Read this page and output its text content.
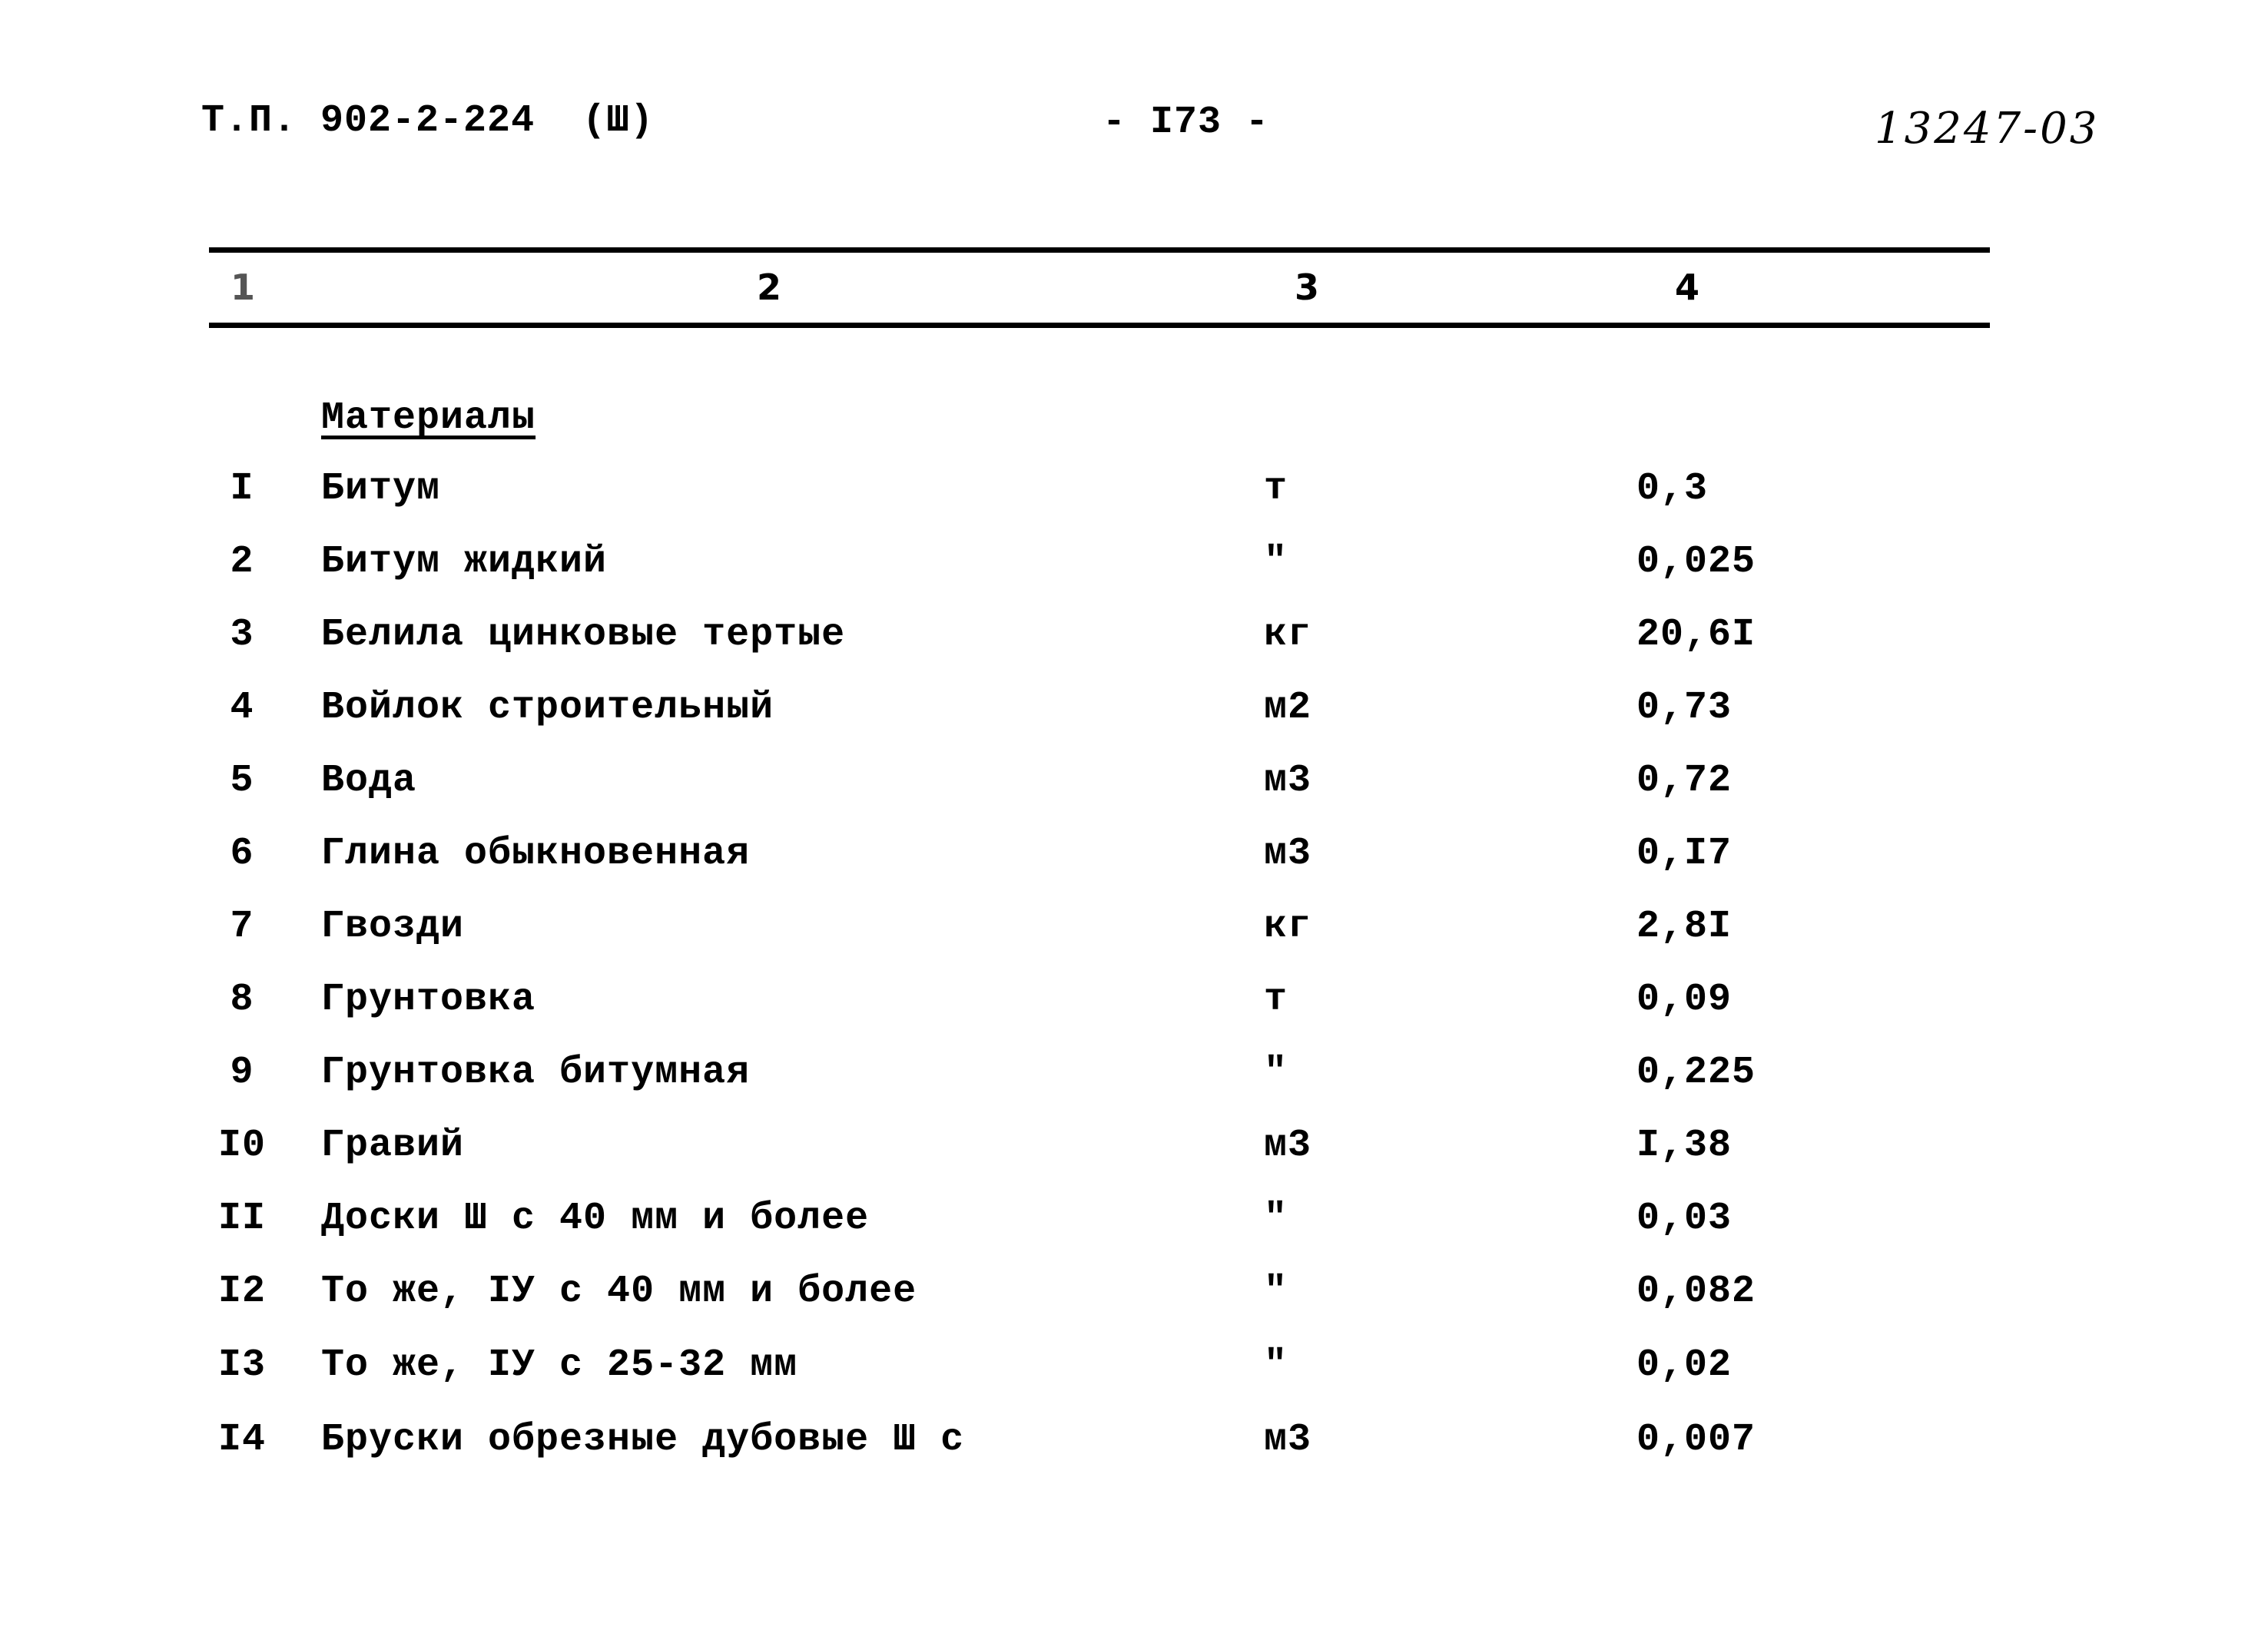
Т.П. 902-2-224  (Ш)	- I73 -	13247-03
1	2	3	4
Материалы
I	Битум	т	0,3
2	Битум жидкий	"	0,025
3	Белила цинковые тертые	кг	20,6I
4	Войлок строительный	м2	0,73
5	Вода	м3	0,72
6	Глина обыкновенная	м3	0,I7
7	Гвозди	кг	2,8I
8	Грунтовка	т	0,09
9	Грунтовка битумная	"	0,225
I0	Гравий	м3	I,38
II	Доски Ш с 40 мм и более	"	0,03
I2	То же, IУ с 40 мм и более	"	0,082
I3	То же, IУ с 25-32 мм	"	0,02
I4	Бруски обрезные дубовые Ш с	м3	0,007
